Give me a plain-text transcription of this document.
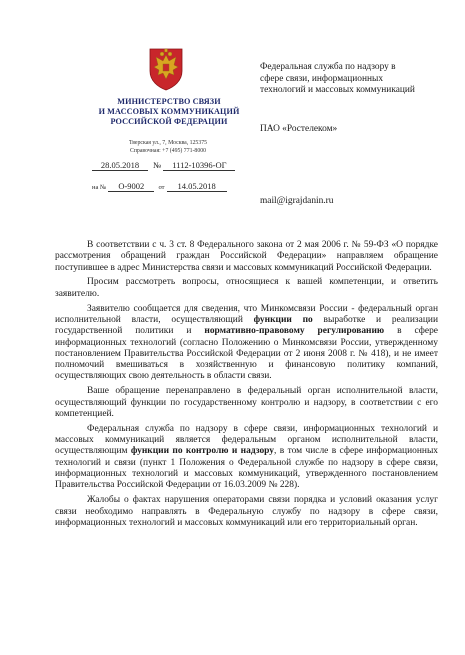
МИНИСТЕРСТВО СВЯЗИ
И МАССОВЫХ КОММУНИКАЦИЙ
РОССИЙСКОЙ ФЕДЕРАЦИИ
Тверская ул., 7, Москва, 125375
Справочная: +7 (495) 771-8000
28.05.2018 № 1112-10396-ОГ
на № О-9002 от 14.05.2018
Федеральная служба по надзору в
сфере связи, информационных
технологий и массовых коммуникаций
ПАО «Ростелеком»
mail@igrajdanin.ru

В соответствии с ч. 3 ст. 8 Федерального закона от 2 мая 2006 г. № 59-ФЗ «О порядке рассмотрения обращений граждан Российской Федерации» направляем обращение поступившее в адрес Министерства связи и массовых коммуникаций Российской Федерации.

Просим рассмотреть вопросы, относящиеся к вашей компетенции, и ответить заявителю.

Заявителю сообщается для сведения, что Минкомсвязи России - федеральный орган исполнительной власти, осуществляющий функции по выработке и реализации государственной политики и нормативно-правовому регулированию в сфере информационных технологий (согласно Положению о Минкомсвязи России, утвержденному постановлением Правительства Российской Федерации от 2 июня 2008 г. № 418), и не имеет полномочий вмешиваться в хозяйственную и финансовую политику компаний, осуществляющих свою деятельность в области связи.

Ваше обращение перенаправлено в федеральный орган исполнительной власти, осуществляющий функции по государственному контролю и надзору, в соответствии с его компетенцией.

Федеральная служба по надзору в сфере связи, информационных технологий и массовых коммуникаций является федеральным органом исполнительной власти, осуществляющим функции по контролю и надзору, в том числе в сфере информационных технологий и связи (пункт 1 Положения о Федеральной службе по надзору в сфере связи, информационных технологий и массовых коммуникаций, утвержденного постановлением Правительства Российской Федерации от 16.03.2009 № 228).

Жалобы о фактах нарушения операторами связи порядка и условий оказания услуг связи необходимо направлять в Федеральную службу по надзору в сфере связи, информационных технологий и массовых коммуникаций или его территориальный орган.
